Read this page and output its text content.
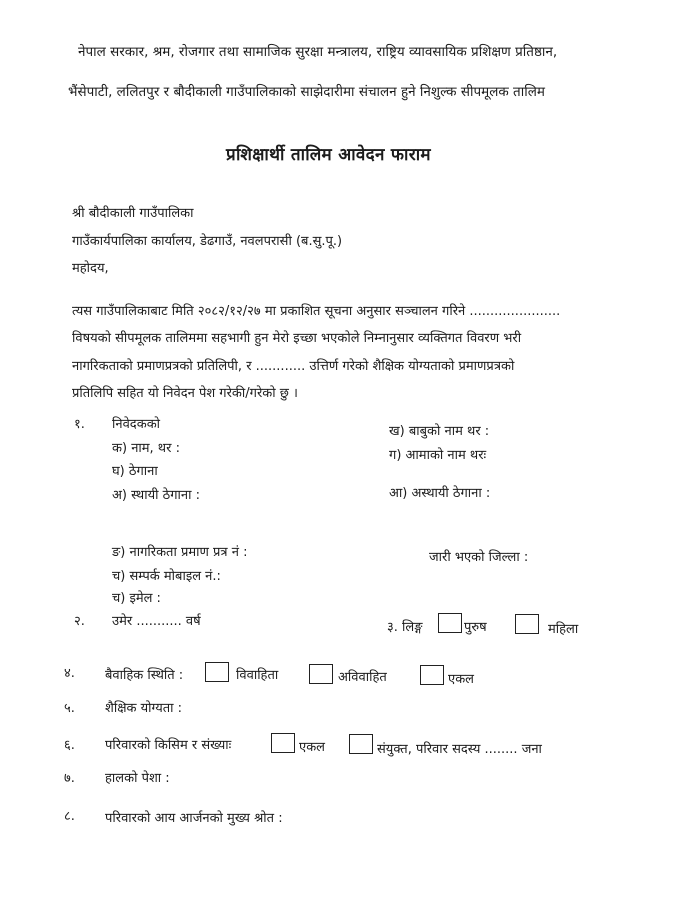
नेपाल सरकार, श्रम, रोजगार तथा सामाजिक सुरक्षा मन्त्रालय, राष्ट्रिय व्यावसायिक प्रशिक्षण प्रतिष्ठान,
भैंसेपाटी, ललितपुर र बौदीकाली गाउँपालिकाको साझेदारीमा संचालन हुने निशुल्क सीपमूलक तालिम
प्रशिक्षार्थी तालिम आवेदन फाराम
श्री बौदीकाली गाउँपालिका
गाउँकार्यपालिका कार्यालय, डेढगाउँ, नवलपरासी (ब.सु.पू.)
महोदय,
त्यस गाउँपालिकाबाट मिति २०८२/१२/२७ मा प्रकाशित सूचना अनुसार सञ्चालन गरिने ......................
विषयको सीपमूलक तालिममा सहभागी हुन मेरो इच्छा भएकोले निम्नानुसार व्यक्तिगत विवरण भरी
नागरिकताको प्रमाणप्रत्रको प्रतिलिपी, र ............ उत्तिर्ण गरेको शैक्षिक योग्यताको प्रमाणप्रत्रको
प्रतिलिपि सहित यो निवेदन पेश गरेकी/गरेको छु ।
१. निवेदकको
क) नाम, थर :
ख) बाबुको नाम थर :
ग) आमाको नाम थरः
घ) ठेगाना
अ) स्थायी ठेगाना :	आ) अस्थायी ठेगाना :
ङ) नागरिकता प्रमाण प्रत्र नं :	जारी भएको जिल्ला :
च) सम्पर्क मोबाइल नं.:
च) इमेल :
२. उमेर ........... वर्ष	३. लिङ्ग	पुरुष	महिला
४. बैवाहिक स्थिति :	विवाहिता	अविवाहित	एकल
५. शैक्षिक योग्यता :
६. परिवारको किसिम र संख्याः	एकल	संयुक्त, परिवार सदस्य ........ जना
७. हालको पेशा :
८. परिवारको आय आर्जनको मुख्य श्रोत :
